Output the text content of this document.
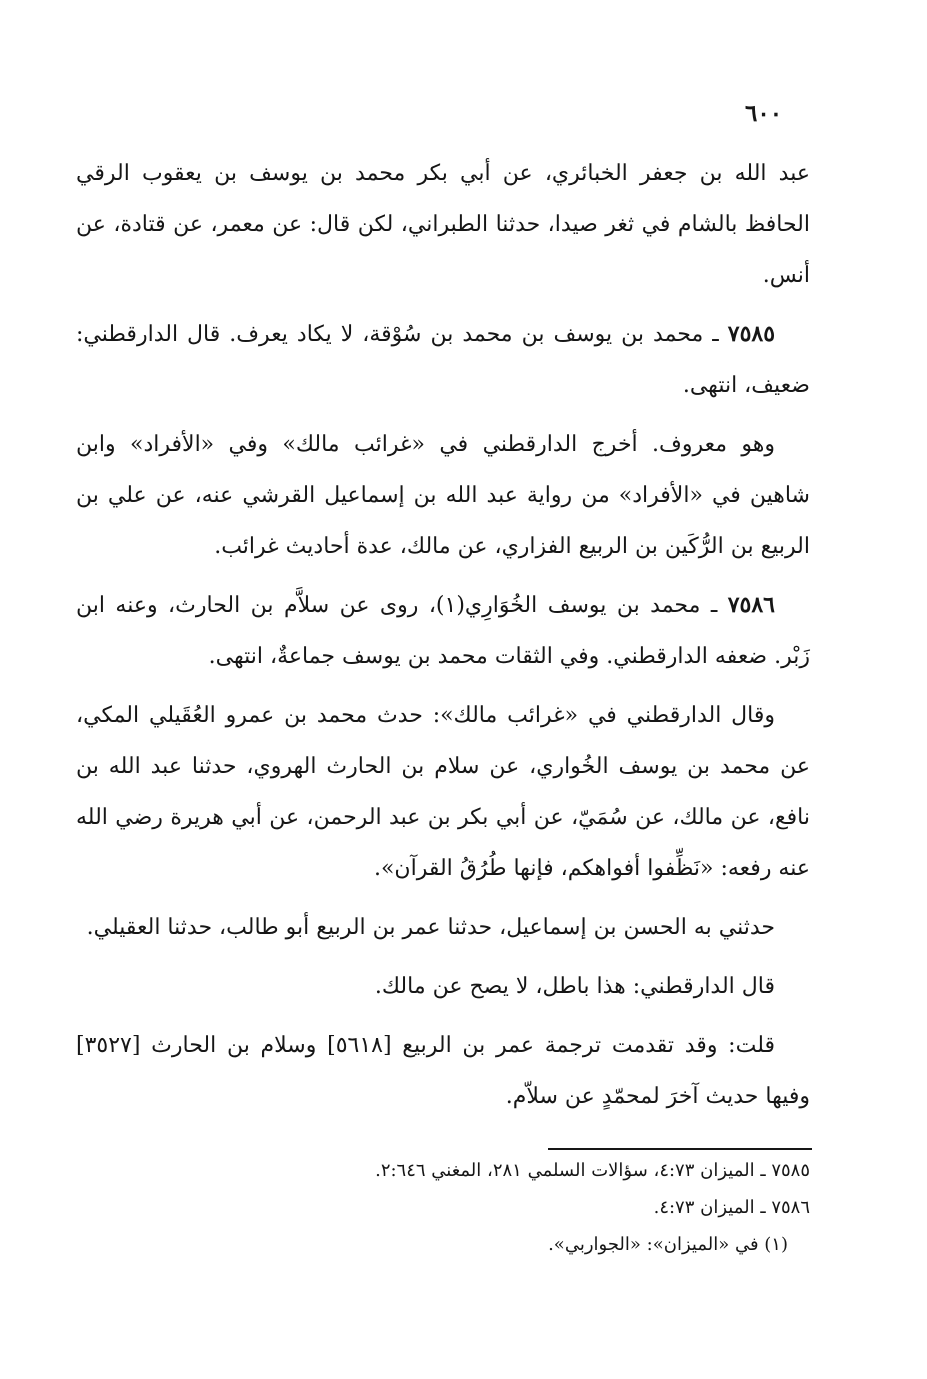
٦٠٠

عبد الله بن جعفر الخبائري، عن أبي بكر محمد بن يوسف بن يعقوب الرقي الحافظ بالشام في ثغر صيدا، حدثنا الطبراني، لكن قال: عن معمر، عن قتادة، عن أنس.

٧٥٨٥ ـ محمد بن يوسف بن محمد بن سُوْقة، لا يكاد يعرف. قال الدارقطني: ضعيف، انتهى.

وهو معروف. أخرج الدارقطني في «غرائب مالك» وفي «الأفراد» وابن شاهين في «الأفراد» من رواية عبد الله بن إسماعيل القرشي عنه، عن علي بن الربيع بن الرُّكَين بن الربيع الفزاري، عن مالك، عدة أحاديث غرائب.

٧٥٨٦ ـ محمد بن يوسف الخُوَارِي(١)، روى عن سلاَّم بن الحارث، وعنه ابن زَبْر. ضعفه الدارقطني. وفي الثقات محمد بن يوسف جماعةٌ، انتهى.

وقال الدارقطني في «غرائب مالك»: حدث محمد بن عمرو العُقَيلي المكي، عن محمد بن يوسف الخُواري، عن سلام بن الحارث الهروي، حدثنا عبد الله بن نافع، عن مالك، عن سُمَيّ، عن أبي بكر بن عبد الرحمن، عن أبي هريرة رضي الله عنه رفعه: «نَظِّفوا أفواهكم، فإنها طُرُقُ القرآن».

حدثني به الحسن بن إسماعيل، حدثنا عمر بن الربيع أبو طالب، حدثنا العقيلي.

قال الدارقطني: هذا باطل، لا يصح عن مالك.

قلت: وقد تقدمت ترجمة عمر بن الربيع [٥٦١٨] وسلام بن الحارث [٣٥٢٧] وفيها حديث آخرَ لمحمّدٍ عن سلاّم.

٧٥٨٥ ـ الميزان ٤:٧٣، سؤالات السلمي ٢٨١، المغني ٢:٦٤٦.

٧٥٨٦ ـ الميزان ٤:٧٣.

(١) في «الميزان»: «الجواربي».
